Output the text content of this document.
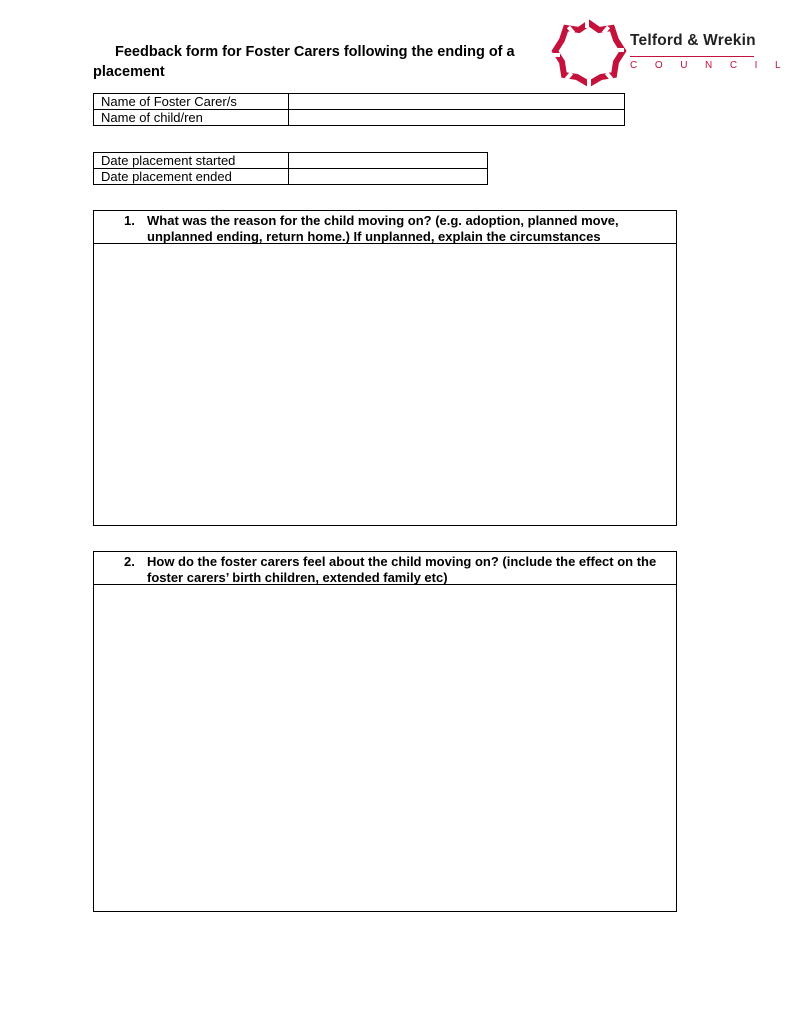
Feedback form for Foster Carers following the ending of a
placement
Telford & Wrekin
COUNCIL
Name of Foster Carer/s	
Name of child/ren	
Date placement started	
Date placement ended	
1. What was the reason for the child moving on? (e.g. adoption, planned move, unplanned ending, return home.) If unplanned, explain the circumstances
2. How do the foster carers feel about the child moving on? (include the effect on the foster carers’ birth children, extended family etc)
